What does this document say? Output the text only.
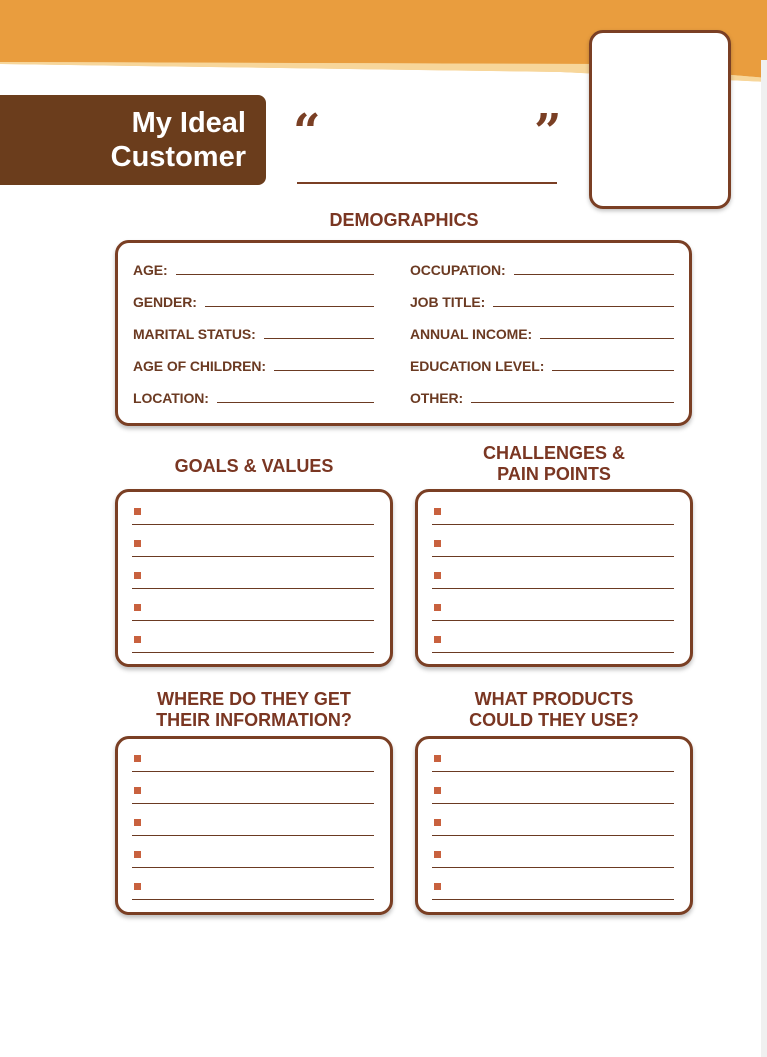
My Ideal
Customer “	”
DEMOGRAPHICS
AGE:
GENDER:
MARITAL STATUS:
AGE OF CHILDREN:
LOCATION:
OCCUPATION:
JOB TITLE:
ANNUAL INCOME:
EDUCATION LEVEL:
OTHER:
GOALS & VALUES
CHALLENGES &
PAIN POINTS
WHERE DO THEY GET
THEIR INFORMATION?
WHAT PRODUCTS
COULD THEY USE?
